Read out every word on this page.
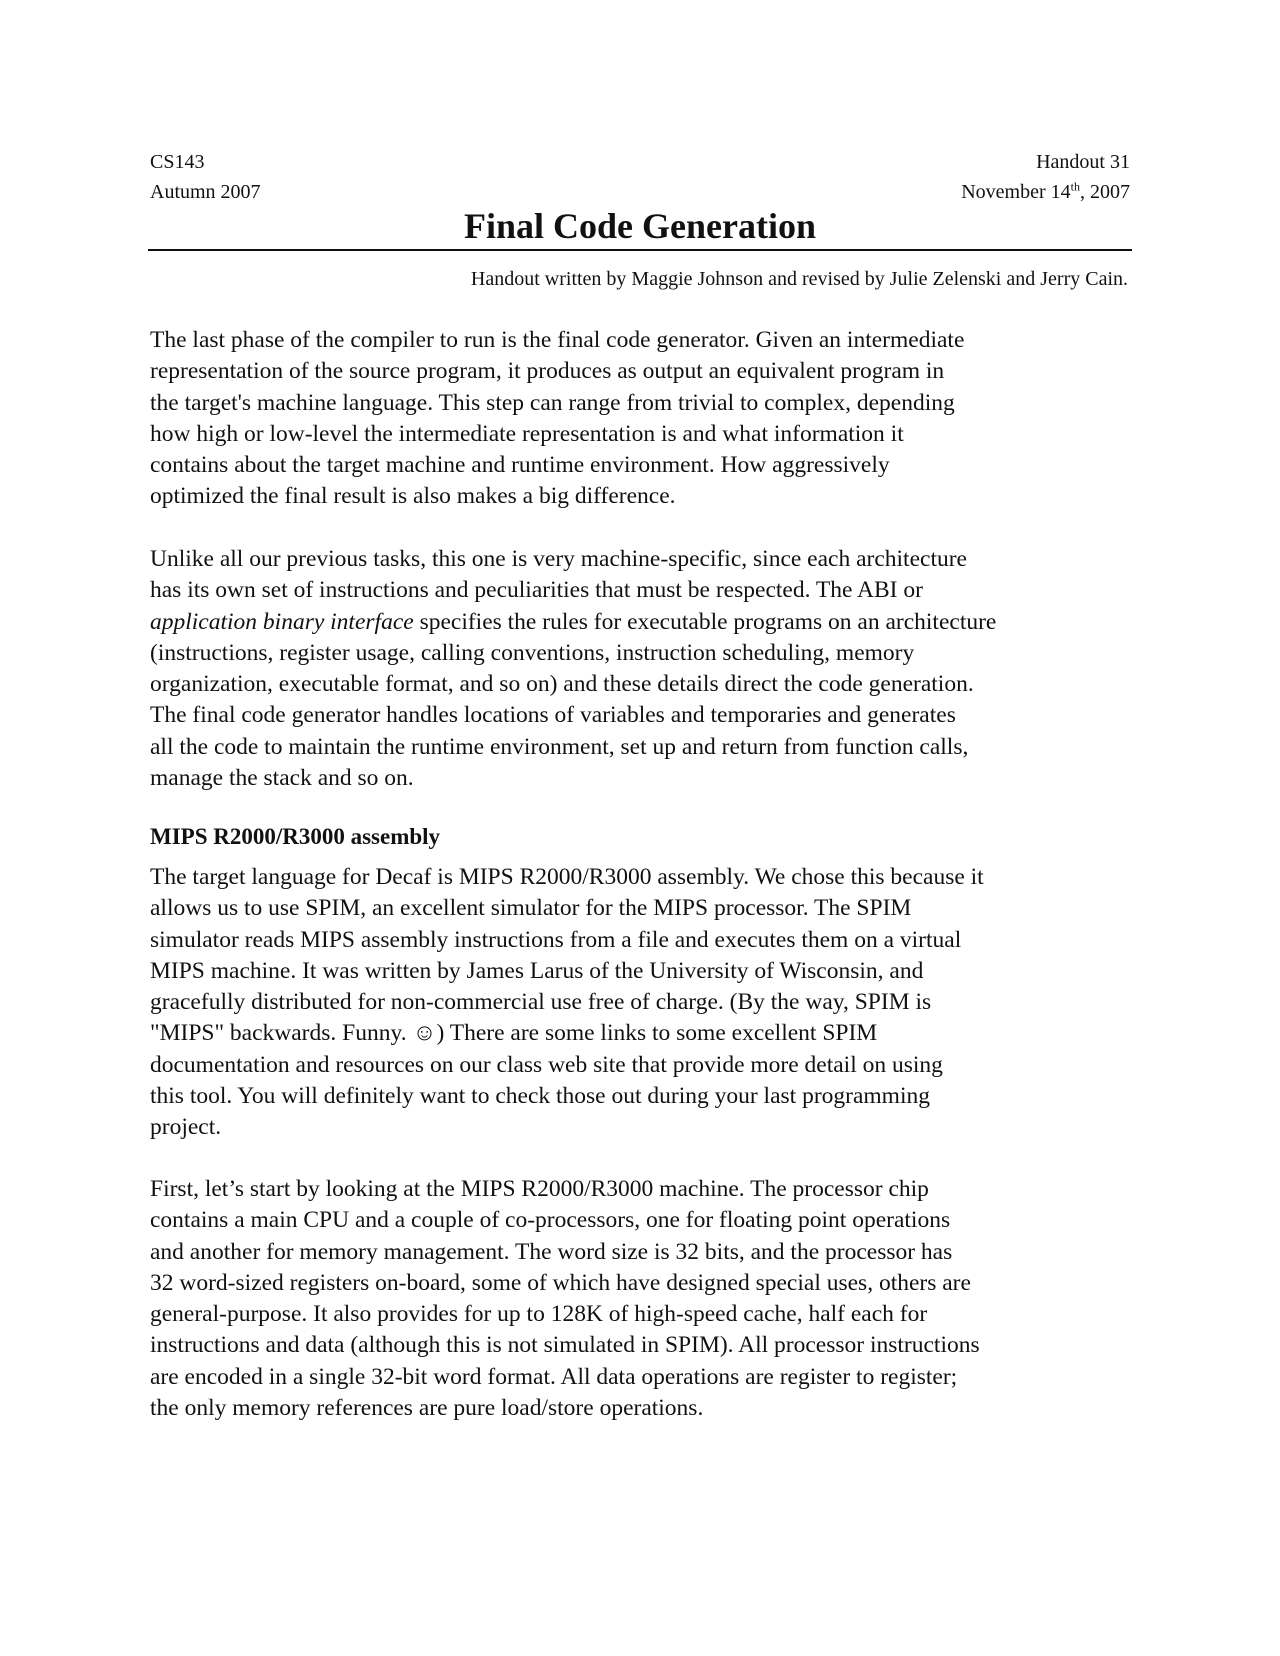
CS143	Handout 31
Autumn 2007	November 14th, 2007
Final Code Generation
Handout written by Maggie Johnson and revised by Julie Zelenski and Jerry Cain.

The last phase of the compiler to run is the final code generator. Given an intermediate
representation of the source program, it produces as output an equivalent program in
the target's machine language. This step can range from trivial to complex, depending
how high or low-level the intermediate representation is and what information it
contains about the target machine and runtime environment. How aggressively
optimized the final result is also makes a big difference.

Unlike all our previous tasks, this one is very machine-specific, since each architecture
has its own set of instructions and peculiarities that must be respected. The ABI or
application binary interface specifies the rules for executable programs on an architecture
(instructions, register usage, calling conventions, instruction scheduling, memory
organization, executable format, and so on) and these details direct the code generation.
The final code generator handles locations of variables and temporaries and generates
all the code to maintain the runtime environment, set up and return from function calls,
manage the stack and so on.

MIPS R2000/R3000 assembly

The target language for Decaf is MIPS R2000/R3000 assembly. We chose this because it
allows us to use SPIM, an excellent simulator for the MIPS processor. The SPIM
simulator reads MIPS assembly instructions from a file and executes them on a virtual
MIPS machine. It was written by James Larus of the University of Wisconsin, and
gracefully distributed for non-commercial use free of charge. (By the way, SPIM is
"MIPS" backwards. Funny. ☺) There are some links to some excellent SPIM
documentation and resources on our class web site that provide more detail on using
this tool. You will definitely want to check those out during your last programming
project.

First, let’s start by looking at the MIPS R2000/R3000 machine. The processor chip
contains a main CPU and a couple of co-processors, one for floating point operations
and another for memory management. The word size is 32 bits, and the processor has
32 word-sized registers on-board, some of which have designed special uses, others are
general-purpose. It also provides for up to 128K of high-speed cache, half each for
instructions and data (although this is not simulated in SPIM). All processor instructions
are encoded in a single 32-bit word format. All data operations are register to register;
the only memory references are pure load/store operations.
